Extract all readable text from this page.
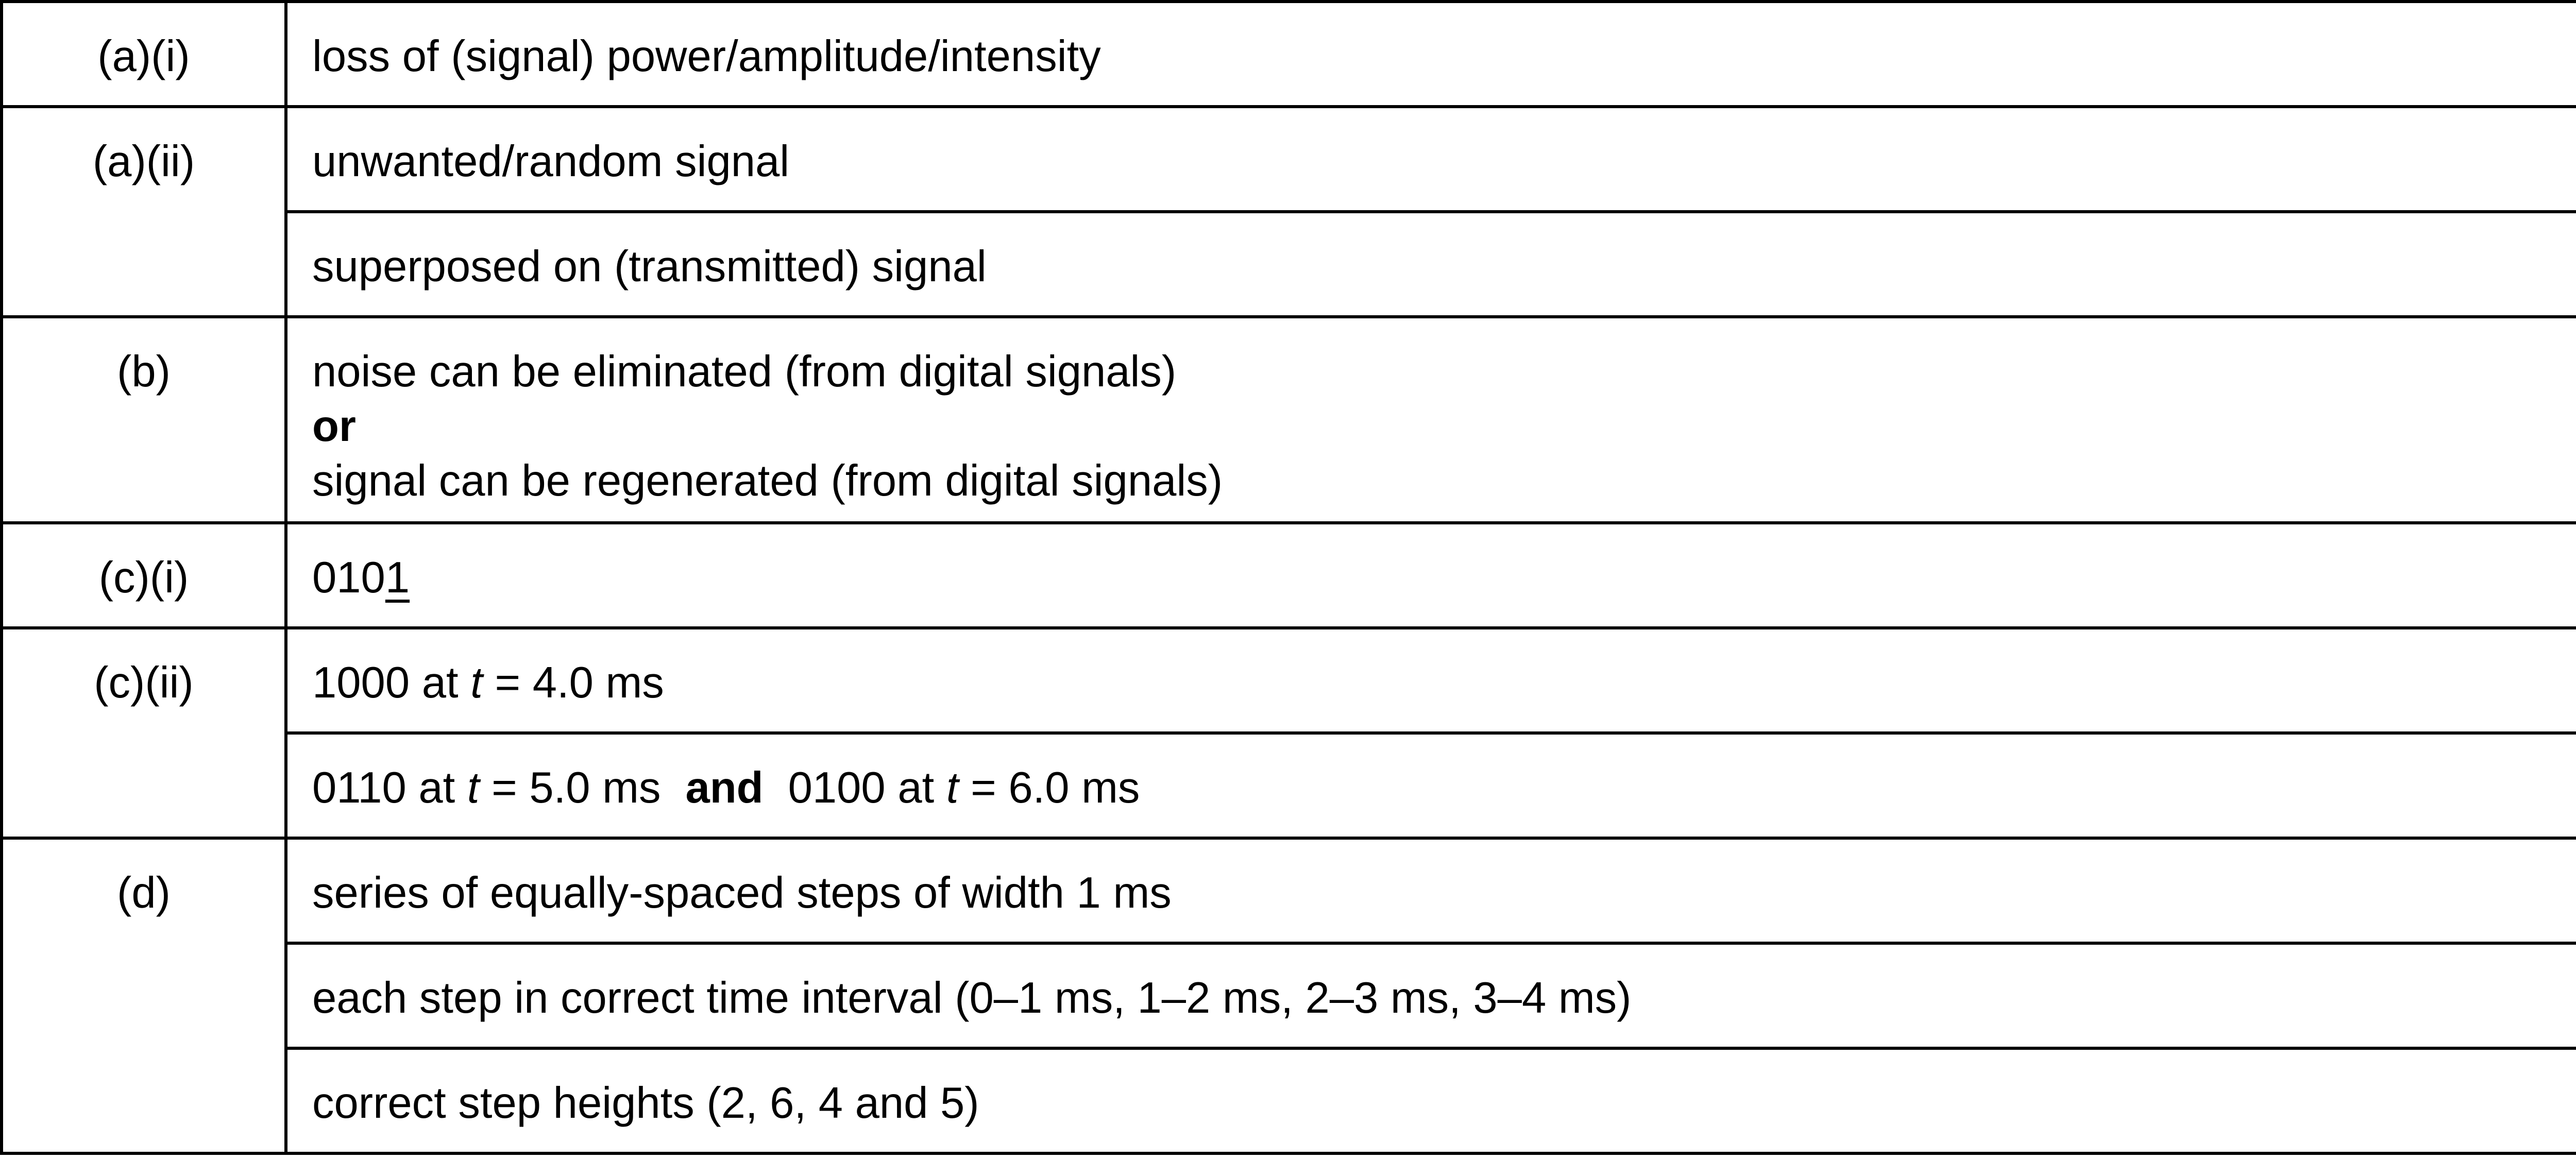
(a)(i)	loss of (signal) power/amplitude/intensity	
(a)(ii)	unwanted/random signal	
	superposed on (transmitted) signal	
(b)	noise can be eliminated (from digital signals)
or
signal can be regenerated (from digital signals)

(c)(i)	0101	
(c)(ii)	1000 at t = 4.0 ms	
	0110 at t = 5.0 ms and 0100 at t = 6.0 ms	
(d)	series of equally-spaced steps of width 1 ms	
	each step in correct time interval (0–1 ms, 1–2 ms, 2–3 ms, 3–4 ms)	
	correct step heights (2, 6, 4 and 5)	
